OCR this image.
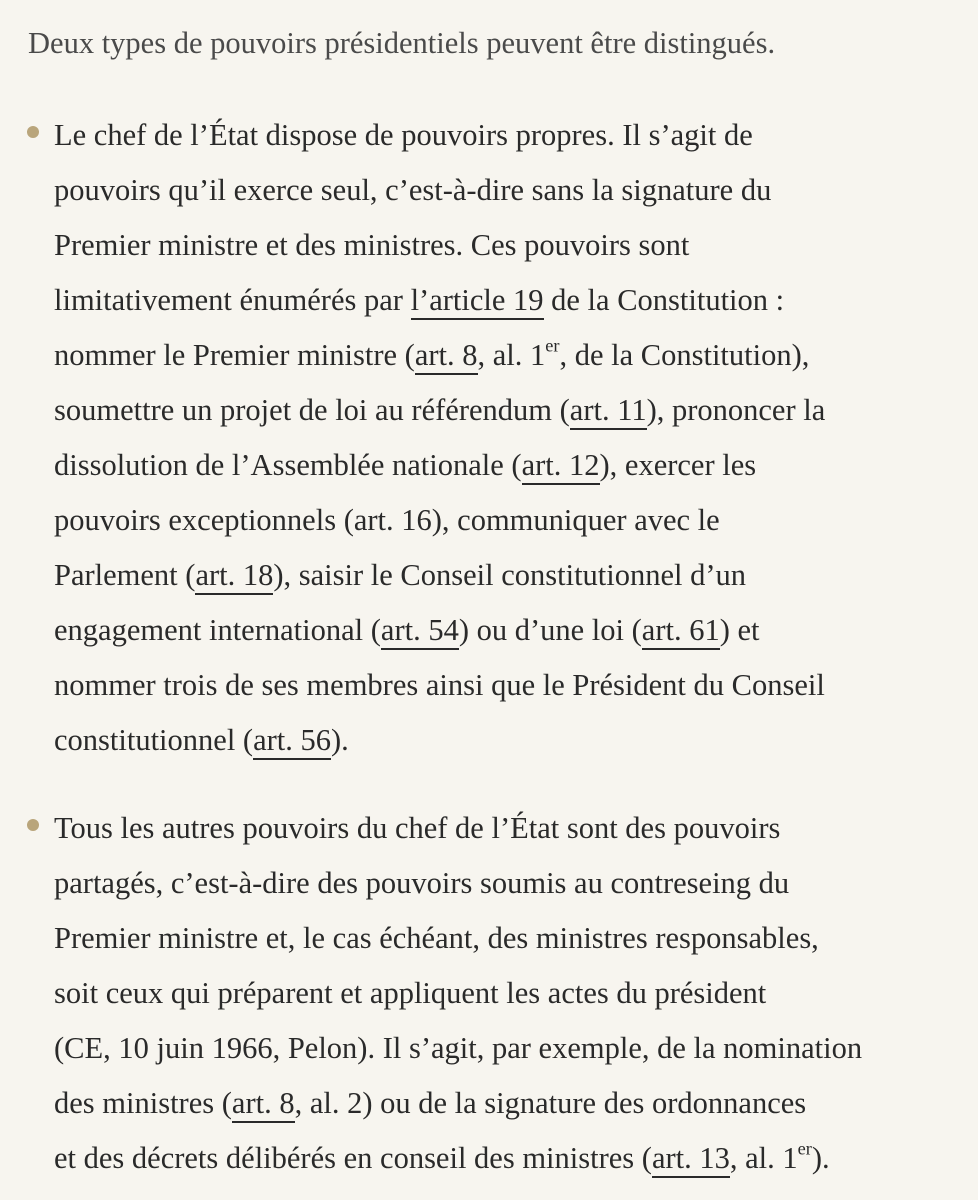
Deux types de pouvoirs présidentiels peuvent être distingués.

Le chef de l’État dispose de pouvoirs propres. Il s’agit de
pouvoirs qu’il exerce seul, c’est-à-dire sans la signature du
Premier ministre et des ministres. Ces pouvoirs sont
limitativement énumérés par l’article 19 de la Constitution :
nommer le Premier ministre (art. 8, al. 1er, de la Constitution),
soumettre un projet de loi au référendum (art. 11), prononcer la
dissolution de l’Assemblée nationale (art. 12), exercer les
pouvoirs exceptionnels (art. 16), communiquer avec le
Parlement (art. 18), saisir le Conseil constitutionnel d’un
engagement international (art. 54) ou d’une loi (art. 61) et
nommer trois de ses membres ainsi que le Président du Conseil
constitutionnel (art. 56).

Tous les autres pouvoirs du chef de l’État sont des pouvoirs
partagés, c’est-à-dire des pouvoirs soumis au contreseing du
Premier ministre et, le cas échéant, des ministres responsables,
soit ceux qui préparent et appliquent les actes du président
(CE, 10 juin 1966, Pelon). Il s’agit, par exemple, de la nomination
des ministres (art. 8, al. 2) ou de la signature des ordonnances
et des décrets délibérés en conseil des ministres (art. 13, al. 1er).
